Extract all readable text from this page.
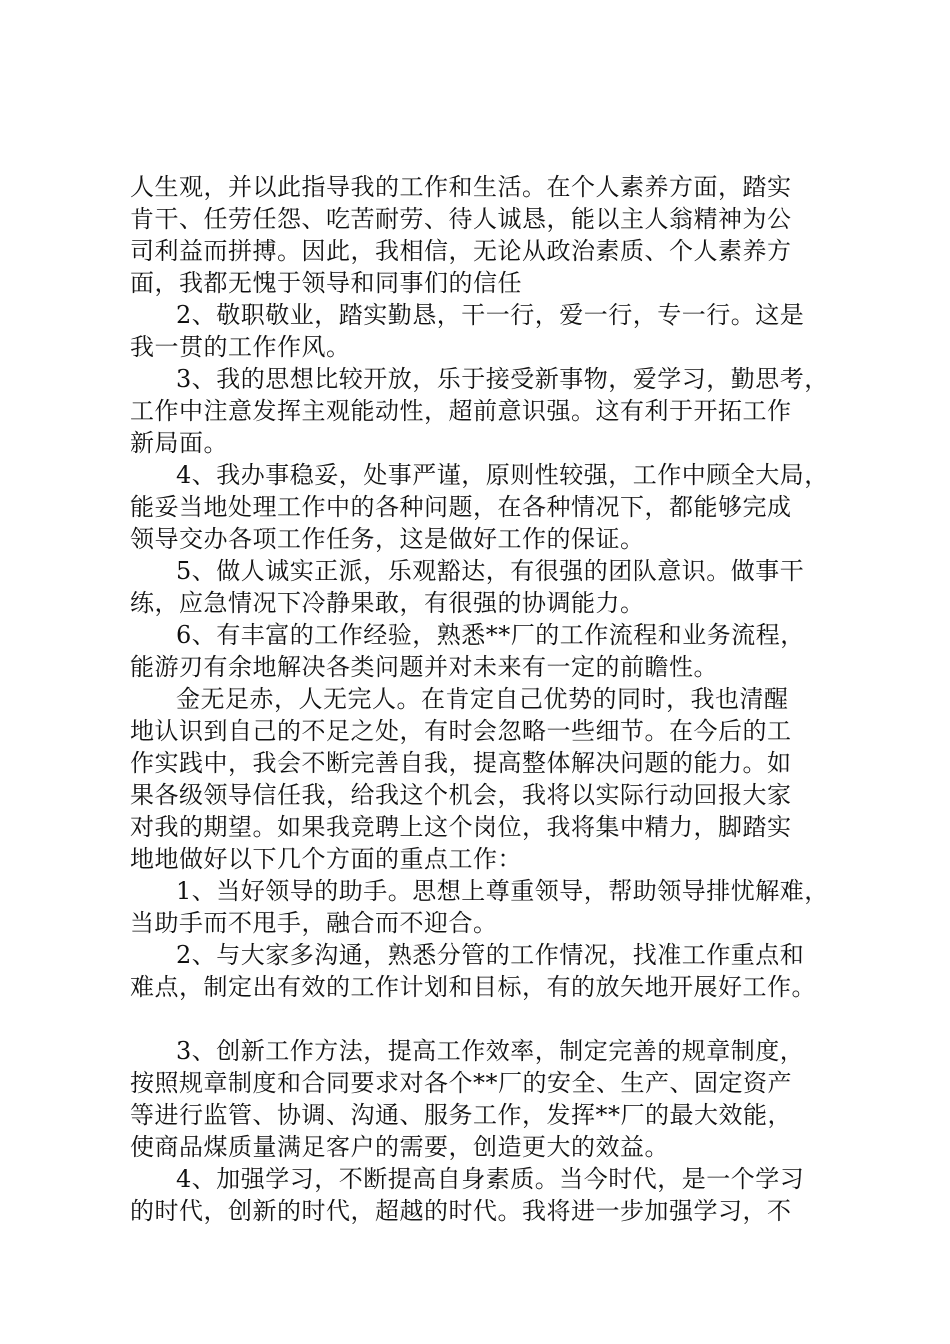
人生观，并以此指导我的工作和生活。在个人素养方面，踏实
肯干、任劳任怨、吃苦耐劳、待人诚恳，能以主人翁精神为公
司利益而拼搏。因此，我相信，无论从政治素质、个人素养方
面，我都无愧于领导和同事们的信任
2、敬职敬业，踏实勤恳，干一行，爱一行，专一行。这是
我一贯的工作作风。
3、我的思想比较开放，乐于接受新事物，爱学习，勤思考，
工作中注意发挥主观能动性，超前意识强。这有利于开拓工作
新局面。
4、我办事稳妥，处事严谨，原则性较强，工作中顾全大局，
能妥当地处理工作中的各种问题，在各种情况下，都能够完成
领导交办各项工作任务，这是做好工作的保证。
5、做人诚实正派，乐观豁达，有很强的团队意识。做事干
练，应急情况下冷静果敢，有很强的协调能力。
6、有丰富的工作经验，熟悉**厂的工作流程和业务流程，
能游刃有余地解决各类问题并对未来有一定的前瞻性。
金无足赤，人无完人。在肯定自己优势的同时，我也清醒
地认识到自己的不足之处，有时会忽略一些细节。在今后的工
作实践中，我会不断完善自我，提高整体解决问题的能力。如
果各级领导信任我，给我这个机会，我将以实际行动回报大家
对我的期望。如果我竞聘上这个岗位，我将集中精力，脚踏实
地地做好以下几个方面的重点工作：
1、当好领导的助手。思想上尊重领导，帮助领导排忧解难，
当助手而不甩手，融合而不迎合。
2、与大家多沟通，熟悉分管的工作情况，找准工作重点和
难点，制定出有效的工作计划和目标，有的放矢地开展好工作。
3、创新工作方法，提高工作效率，制定完善的规章制度，
按照规章制度和合同要求对各个**厂的安全、生产、固定资产
等进行监管、协调、沟通、服务工作，发挥**厂的最大效能，
使商品煤质量满足客户的需要，创造更大的效益。
4、加强学习，不断提高自身素质。当今时代，是一个学习
的时代，创新的时代，超越的时代。我将进一步加强学习，不
